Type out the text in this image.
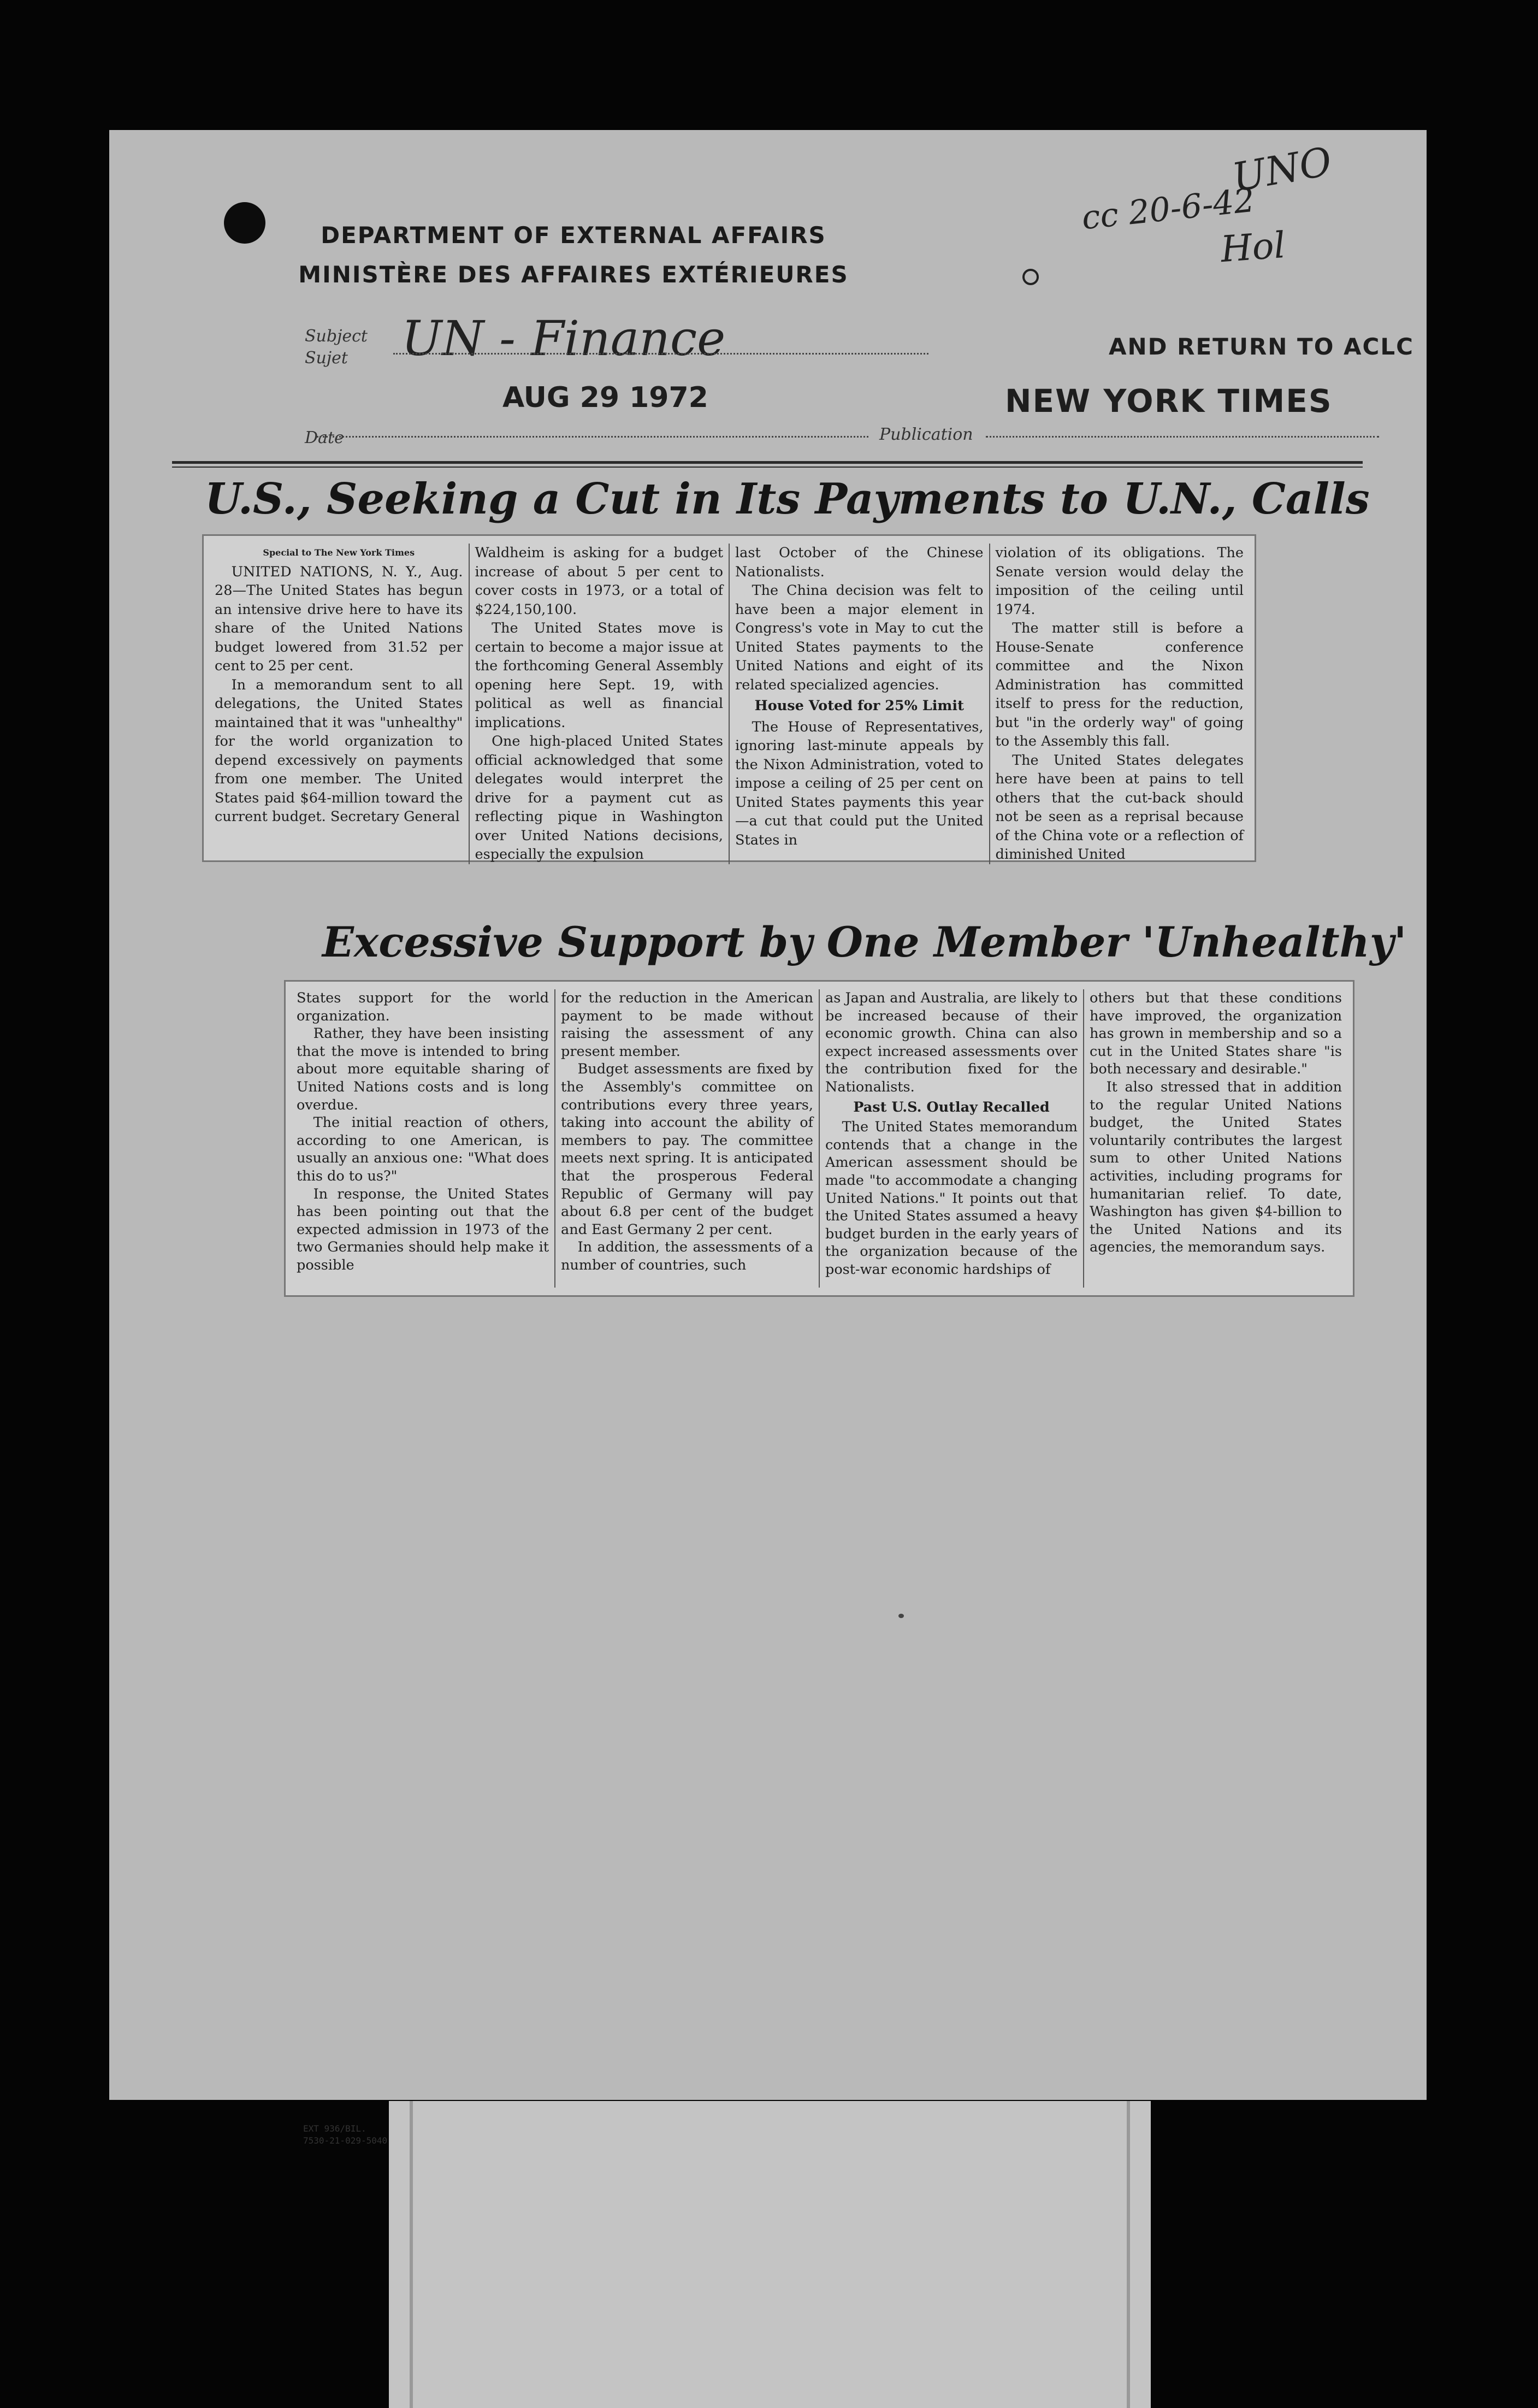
DEPARTMENT OF EXTERNAL AFFAIRS
MINISTÈRE DES AFFAIRES EXTÉRIEURES
cc 20-6-42
UNO
Hol
Subject
Sujet UN - Finance	AND RETURN TO ACLC
AUG 29 1972	NEW YORK TIMES
Date	Publication
U.S., Seeking a Cut in Its Payments to U.N., Calls
Special to The New York Times

UNITED NATIONS, N. Y., Aug. 28—The United States has begun an intensive drive here to have its share of the United Nations budget lowered from 31.52 per cent to 25 per cent.

In a memorandum sent to all delegations, the United States maintained that it was "unhealthy" for the world organization to depend excessively on payments from one member. The United States paid $64-million toward the current budget. Secretary General

Waldheim is asking for a budget increase of about 5 per cent to cover costs in 1973, or a total of $224,150,100.

The United States move is certain to become a major issue at the forthcoming General Assembly opening here Sept. 19, with political as well as financial implications.

One high-placed United States official acknowledged that some delegates would interpret the drive for a payment cut as reflecting pique in Washington over United Nations decisions, especially the expulsion

last October of the Chinese Nationalists.

The China decision was felt to have been a major element in Congress's vote in May to cut the United States payments to the United Nations and eight of its related specialized agencies.

House Voted for 25% Limit

The House of Representatives, ignoring last-minute appeals by the Nixon Administration, voted to impose a ceiling of 25 per cent on United States payments this year—a cut that could put the United States in

violation of its obligations. The Senate version would delay the imposition of the ceiling until 1974.

The matter still is before a House-Senate conference committee and the Nixon Administration has committed itself to press for the reduction, but "in the orderly way" of going to the Assembly this fall.

The United States delegates here have been at pains to tell others that the cut-back should not be seen as a reprisal because of the China vote or a reflection of diminished United

Excessive Support by One Member 'Unhealthy'

States support for the world organization.

Rather, they have been insisting that the move is intended to bring about more equitable sharing of United Nations costs and is long overdue.

The initial reaction of others, according to one American, is usually an anxious one: "What does this do to us?"

In response, the United States has been pointing out that the expected admission in 1973 of the two Germanies should help make it possible

for the reduction in the American payment to be made without raising the assessment of any present member.

Budget assessments are fixed by the Assembly's committee on contributions every three years, taking into account the ability of members to pay. The committee meets next spring. It is anticipated that the prosperous Federal Republic of Germany will pay about 6.8 per cent of the budget and East Germany 2 per cent.

In addition, the assessments of a number of countries, such

as Japan and Australia, are likely to be increased because of their economic growth. China can also expect increased assessments over the contribution fixed for the Nationalists.

Past U.S. Outlay Recalled

The United States memorandum contends that a change in the American assessment should be made "to accommodate a changing United Nations." It points out that the United States assumed a heavy budget burden in the early years of the organization because of the post-war economic hardships of

others but that these conditions have improved, the organization has grown in membership and so a cut in the United States share "is both necessary and desirable."

It also stressed that in addition to the regular United Nations budget, the United States voluntarily contributes the largest sum to other United Nations activities, including programs for humanitarian relief. To date, Washington has given $4-billion to the United Nations and its agencies, the memorandum says.

EXT 936/BIL.
7530-21-029-5040
